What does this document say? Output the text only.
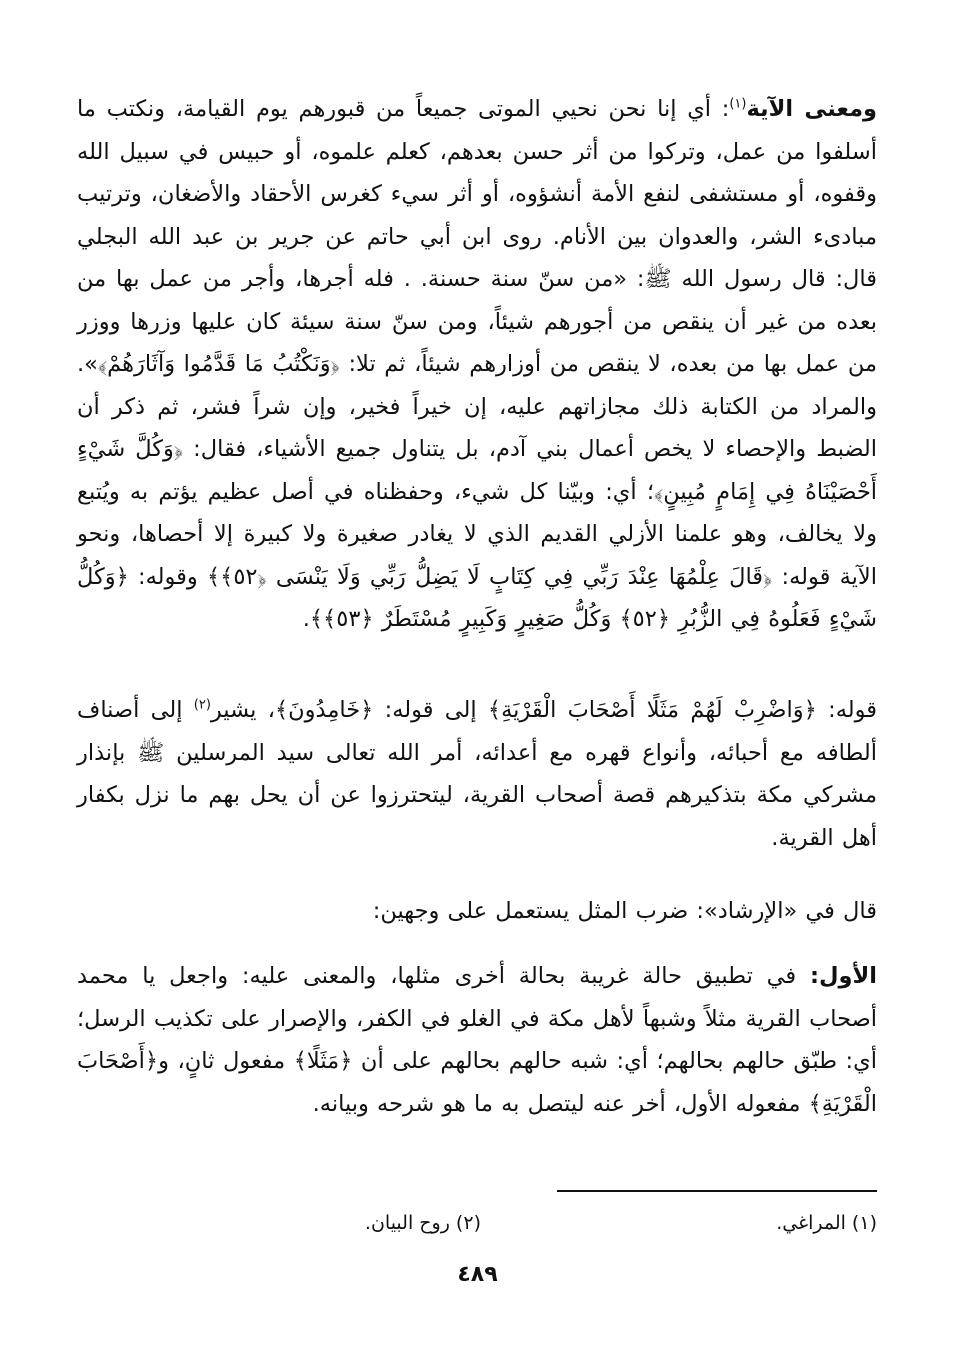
ومعنى الآية$^{(١)}$: أي إنا نحن نحيي الموتى جميعاً من قبورهم يوم القيامة، ونكتب ما أسلفوا من عمل، وتركوا من أثر حسن بعدهم، كعلم علموه، أو حبيس في سبيل الله وقفوه، أو مستشفى لنفع الأمة أنشؤوه، أو أثر سيء كغرس الأحقاد والأضغان، وترتيب مبادىء الشر، والعدوان بين الأنام. روى ابن أبي حاتم عن جرير بن عبد الله البجلي قال: قال رسول الله ﷺ: «من سنّ سنة حسنة. . فله أجرها، وأجر من عمل بها من بعده من غير أن ينقص من أجورهم شيئاً، ومن سنّ سنة سيئة كان عليها وزرها ووزر من عمل بها من بعده، لا ينقص من أوزارهم شيئاً، ثم تلا: ﴿وَنَكْتُبُ مَا قَدَّمُوا وَآثَارَهُمْ﴾». والمراد من الكتابة ذلك مجازاتهم عليه، إن خيراً فخير، وإن شراً فشر، ثم ذكر أن الضبط والإحصاء لا يخص أعمال بني آدم، بل يتناول جميع الأشياء، فقال: ﴿وَكُلَّ شَيْءٍ أَحْصَيْنَاهُ فِي إِمَامٍ مُبِينٍ﴾؛ أي: وبيّنا كل شيء، وحفظناه في أصل عظيم يؤتم به ويُتبع ولا يخالف، وهو علمنا الأزلي القديم الذي لا يغادر صغيرة ولا كبيرة إلا أحصاها، ونحو الآية قوله: ﴿قَالَ عِلْمُهَا عِنْدَ رَبِّي فِي كِتَابٍ لَا يَضِلُّ رَبِّي وَلَا يَنْسَى ﴿٥٢﴾﴾ وقوله: ﴿وَكُلُّ شَيْءٍ فَعَلُوهُ فِي الزُّبُرِ ﴿٥٢﴾ وَكُلُّ صَغِيرٍ وَكَبِيرٍ مُسْتَطَرٌ ﴿٥٣﴾﴾.

قوله: ﴿وَاضْرِبْ لَهُمْ مَثَلًا أَصْحَابَ الْقَرْيَةِ﴾ إلى قوله: ﴿خَامِدُونَ﴾، يشير$^{(٢)}$ إلى أصناف ألطافه مع أحبائه، وأنواع قهره مع أعدائه، أمر الله تعالى سيد المرسلين ﷺ بإنذار مشركي مكة بتذكيرهم قصة أصحاب القرية، ليتحترزوا عن أن يحل بهم ما نزل بكفار أهل القرية.

قال في «الإرشاد»: ضرب المثل يستعمل على وجهين:

الأول: في تطبيق حالة غريبة بحالة أخرى مثلها، والمعنى عليه: واجعل يا محمد أصحاب القرية مثلاً وشبهاً لأهل مكة في الغلو في الكفر، والإصرار على تكذيب الرسل؛ أي: طبّق حالهم بحالهم؛ أي: شبه حالهم بحالهم على أن ﴿مَثَلًا﴾ مفعول ثانٍ، و﴿أَصْحَابَ الْقَرْيَةِ﴾ مفعوله الأول، أخر عنه ليتصل به ما هو شرحه وبيانه.

(١) المراغي.
(٢) روح البيان.
٤٨٩
